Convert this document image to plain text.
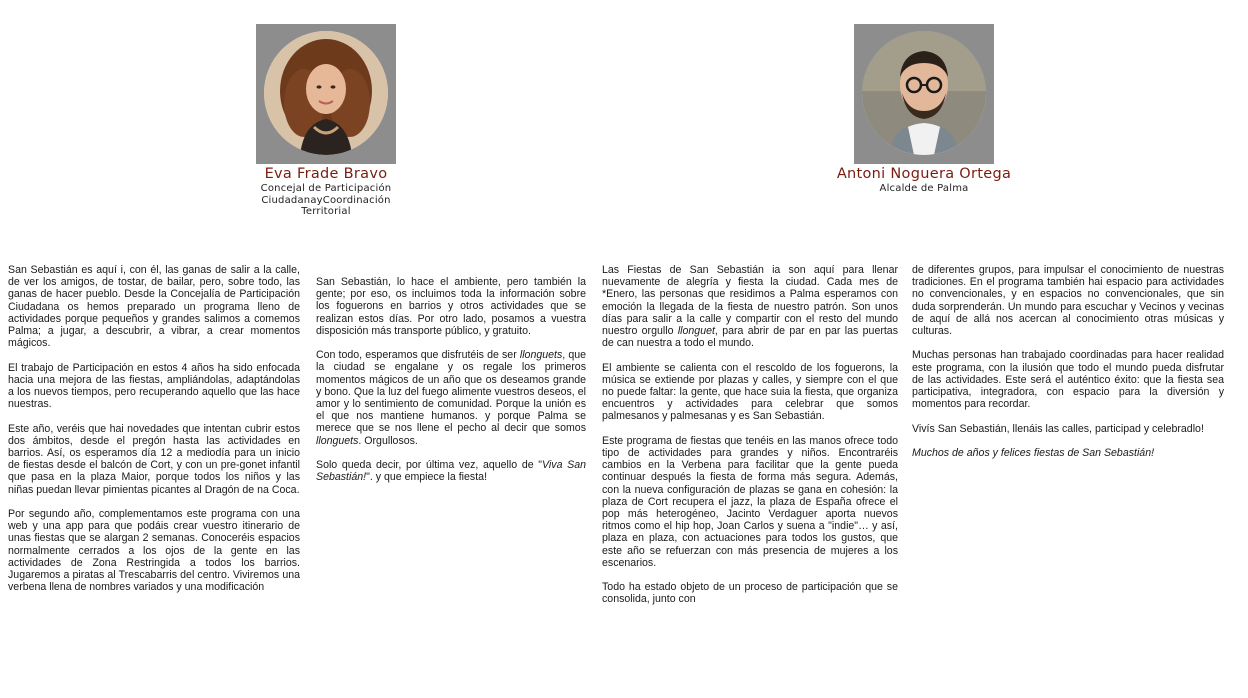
Eva Frade Bravo
Concejal de Participación
CiudadanayCoordinación
Territorial
Antoni Noguera Ortega
Alcalde de Palma

San Sebastián es aquí i, con él, las ganas de salir a la calle, de ver los amigos, de tostar, de bailar, pero, sobre todo, las ganas de hacer pueblo. Desde la Concejalía de Participación Ciudadana os hemos preparado un programa lleno de actividades porque pequeños y grandes salimos a comemos Palma; a jugar, a descubrir, a vibrar, a crear momentos mágicos.

El trabajo de Participación en estos 4 años ha sido enfocada hacia una mejora de las fiestas, ampliándolas, adaptándolas a los nuevos tiempos, pero recuperando aquello que las hace nuestras.

Este año, veréis que hai novedades que intentan cubrir estos dos ámbitos, desde el pregón hasta las actividades en barrios. Así, os esperamos día 12 a mediodía para un inicio de fiestas desde el balcón de Cort, y con un pre-gonet infantil que pasa en la plaza Maior, porque todos los niños y las niñas puedan llevar pimientas picantes al Dragón de na Coca.

Por segundo año, complementamos este programa con una web y una app para que podáis crear vuestro itinerario de unas fiestas que se alargan 2 semanas. Conoceréis espacios normalmente cerrados a los ojos de la gente en las actividades de Zona Restringida a todos los barrios. Jugaremos a piratas al Trescabarris del centro. Viviremos una verbena llena de nombres variados y una modificación

San Sebastián, lo hace el ambiente, pero también la gente; por eso, os incluimos toda la información sobre los foguerons en barrios y otros actividades que se realizan estos días. Por otro lado, posamos a vuestra disposición más transporte público, y gratuito.

Con todo, esperamos que disfrutéis de ser llonguets, que la ciudad se engalane y os regale los primeros momentos mágicos de un año que os deseamos grande y bono. Que la luz del fuego alimente vuestros deseos, el amor y lo sentimiento de comunidad. Porque la unión es el que nos mantiene humanos. y porque Palma se merece que se nos llene el pecho al decir que somos llonguets. Orgullosos.

Solo queda decir, por última vez, aquello de "Viva San Sebastián!". y que empiece la fiesta!

Las Fiestas de San Sebastián ia son aquí para llenar nuevamente de alegría y fiesta la ciudad. Cada mes de *Enero, las personas que residimos a Palma esperamos con emoción la llegada de la fiesta de nuestro patrón. Son unos días para salir a la calle y compartir con el resto del mundo nuestro orgullo llonguet, para abrir de par en par las puertas de can nuestra a todo el mundo.

El ambiente se calienta con el rescoldo de los foguerons, la música se extiende por plazas y calles, y siempre con el que no puede faltar: la gente, que hace suia la fiesta, que organiza encuentros y actividades para celebrar que somos palmesanos y palmesanas y es San Sebastián.

Este programa de fiestas que tenéis en las manos ofrece todo tipo de actividades para grandes y niños. Encontraréis cambios en la Verbena para facilitar que la gente pueda continuar después la fiesta de forma más segura. Además, con la nueva configuración de plazas se gana en cohesión: la plaza de Cort recupera el jazz, la plaza de España ofrece el pop más heterogéneo, Jacinto Verdaguer aporta nuevos ritmos como el hip hop, Joan Carlos y suena a "indie"… y así, plaza en plaza, con actuaciones para todos los gustos, que este año se refuerzan con más presencia de mujeres a los escenarios.

Todo ha estado objeto de un proceso de participación que se consolida, junto con

de diferentes grupos, para impulsar el conocimiento de nuestras tradiciones. En el programa también hai espacio para actividades no convencionales, y en espacios no convencionales, que sin duda sorprenderán. Un mundo para escuchar y Vecinos y vecinas de aquí de allá nos acercan al conocimiento otras músicas y culturas.

Muchas personas han trabajado coordinadas para hacer realidad este programa, con la ilusión que todo el mundo pueda disfrutar de las actividades. Este será el auténtico éxito: que la fiesta sea participativa, integradora, con espacio para la diversión y momentos para recordar.

Vivís San Sebastián, llenáis las calles, participad y celebradlo!

Muchos de años y felices fiestas de San Sebastián!
